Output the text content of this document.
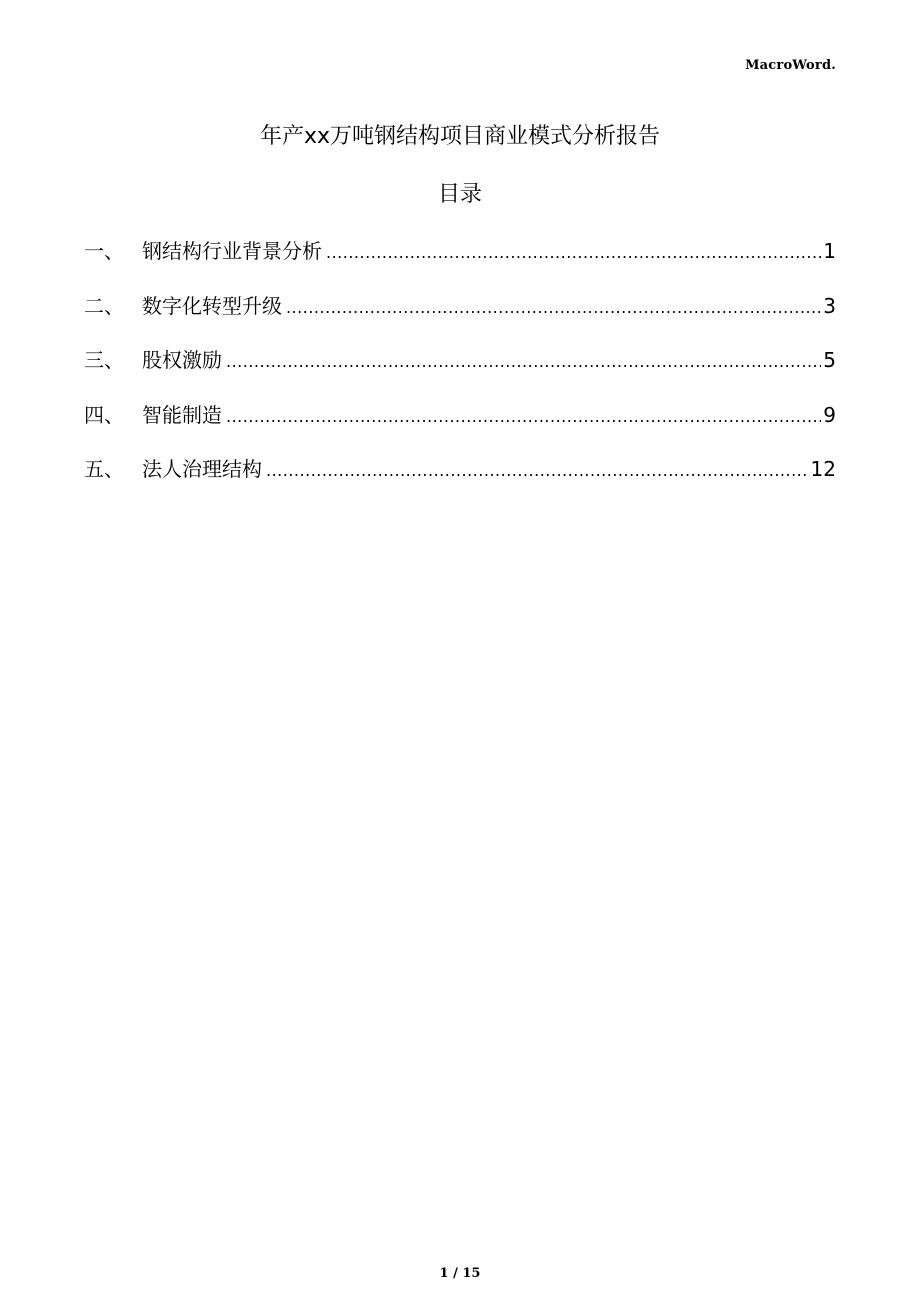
MacroWord.
年产xx万吨钢结构项目商业模式分析报告
目录
一、 钢结构行业背景分析 .....	1
二、 数字化转型升级 .....	3
三、 股权激励 .....	5
四、 智能制造 .....	9
五、 法人治理结构 .....	12
1 / 15
